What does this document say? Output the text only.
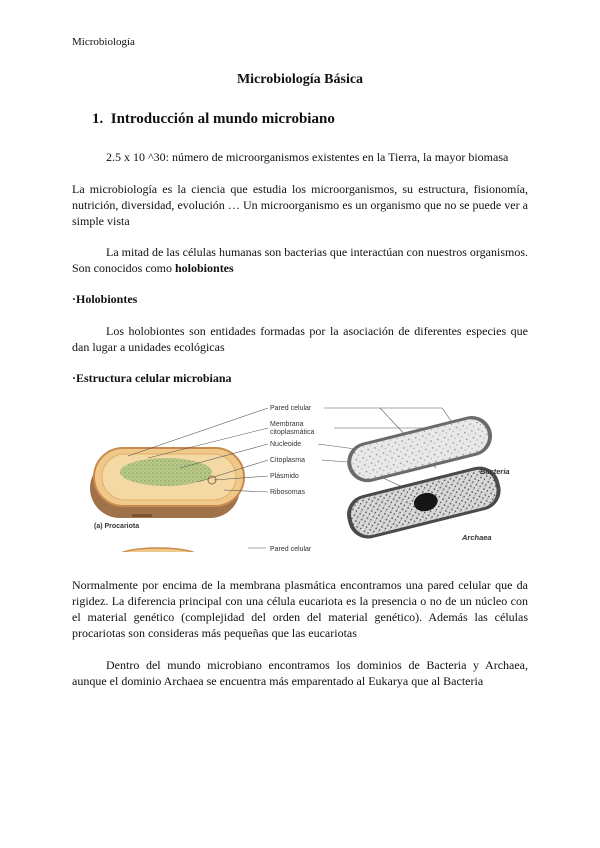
Microbiología

Microbiología Básica

1. Introducción al mundo microbiano

2.5 x 10 ^30: número de microorganismos existentes en la Tierra, la mayor biomasa

La microbiología es la ciencia que estudia los microorganismos, su estructura, fisionomía, nutrición, diversidad, evolución … Un microorganismo es un organismo que no se puede ver a simple vista

La mitad de las células humanas son bacterias que interactúan con nuestros organismos. Son conocidos como holobiontes

·Holobiontes

Los holobiontes son entidades formadas por la asociación de diferentes especies que dan lugar a unidades ecológicas

·Estructura celular microbiana

Pared celular
Membrana
citoplasmática
Nucleoide
Citoplasma
Plásmido
Ribosomas
(a) Procariota
Bacteria
Archaea
Pared celular

Normalmente por encima de la membrana plasmática encontramos una pared celular que da rigidez. La diferencia principal con una célula eucariota es la presencia o no de un núcleo con el material genético (complejidad del orden del material genético). Además las células procariotas son consideras más pequeñas que las eucariotas

Dentro del mundo microbiano encontramos los dominios de Bacteria y Archaea, aunque el dominio Archaea se encuentra más emparentado al Eukarya que al Bacteria
